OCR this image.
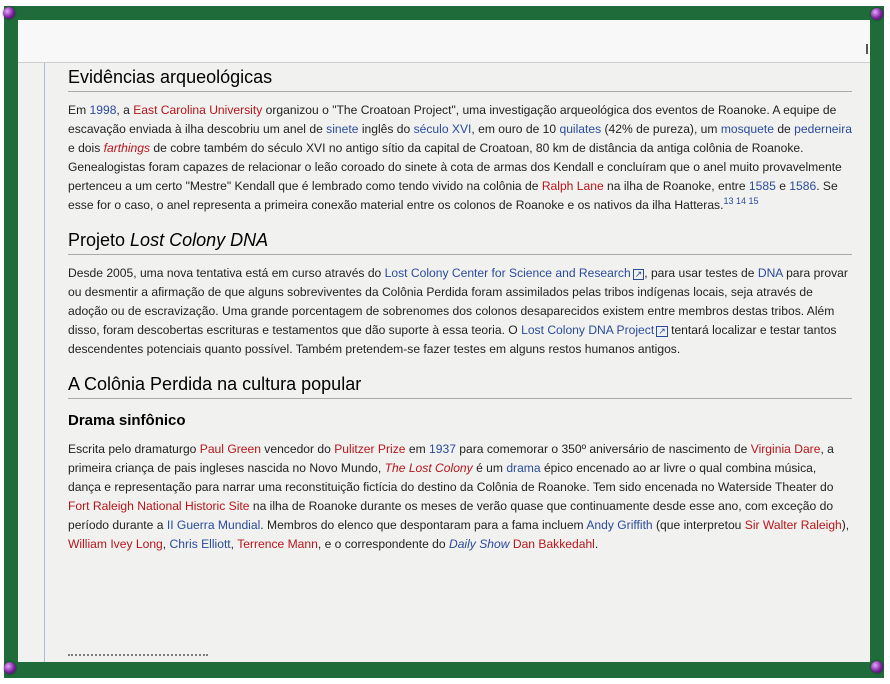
Evidências arqueológicas

Em 1998, a East Carolina University organizou o "The Croatoan Project", uma investigação arqueológica dos eventos de Roanoke. A equipe de escavação enviada à ilha descobriu um anel de sinete inglês do século XVI, em ouro de 10 quilates (42% de pureza), um mosquete de pederneira e dois farthings de cobre também do século XVI no antigo sítio da capital de Croatoan, 80 km de distância da antiga colônia de Roanoke. Genealogistas foram capazes de relacionar o leão coroado do sinete à cota de armas dos Kendall e concluíram que o anel muito provavelmente pertenceu a um certo "Mestre" Kendall que é lembrado como tendo vivido na colônia de Ralph Lane na ilha de Roanoke, entre 1585 e 1586. Se esse for o caso, o anel representa a primeira conexão material entre os colonos de Roanoke e os nativos da ilha Hatteras.$^{13 14 15}$

Projeto Lost Colony DNA

Desde 2005, uma nova tentativa está em curso através do Lost Colony Center for Science and Research ↗ , para usar testes de DNA para provar ou desmentir a afirmação de que alguns sobreviventes da Colônia Perdida foram assimilados pelas tribos indígenas locais, seja através de adoção ou de escravização. Uma grande porcentagem de sobrenomes dos colonos desaparecidos existem entre membros destas tribos. Além disso, foram descobertas escrituras e testamentos que dão suporte à essa teoria. O Lost Colony DNA Project ↗ tentará localizar e testar tantos descendentes potenciais quanto possível. Também pretendem-se fazer testes em alguns restos humanos antigos.

A Colônia Perdida na cultura popular
Drama sinfônico

Escrita pelo dramaturgo Paul Green vencedor do Pulitzer Prize em 1937 para comemorar o 350º aniversário de nascimento de Virginia Dare, a primeira criança de pais ingleses nascida no Novo Mundo, The Lost Colony é um drama épico encenado ao ar livre o qual combina música, dança e representação para narrar uma reconstituição fictícia do destino da Colônia de Roanoke. Tem sido encenada no Waterside Theater do Fort Raleigh National Historic Site na ilha de Roanoke durante os meses de verão quase que continuamente desde esse ano, com exceção do período durante a II Guerra Mundial. Membros do elenco que despontaram para a fama incluem Andy Griffith (que interpretou Sir Walter Raleigh), William Ivey Long, Chris Elliott, Terrence Mann, e o correspondente do Daily Show Dan Bakkedahl.
